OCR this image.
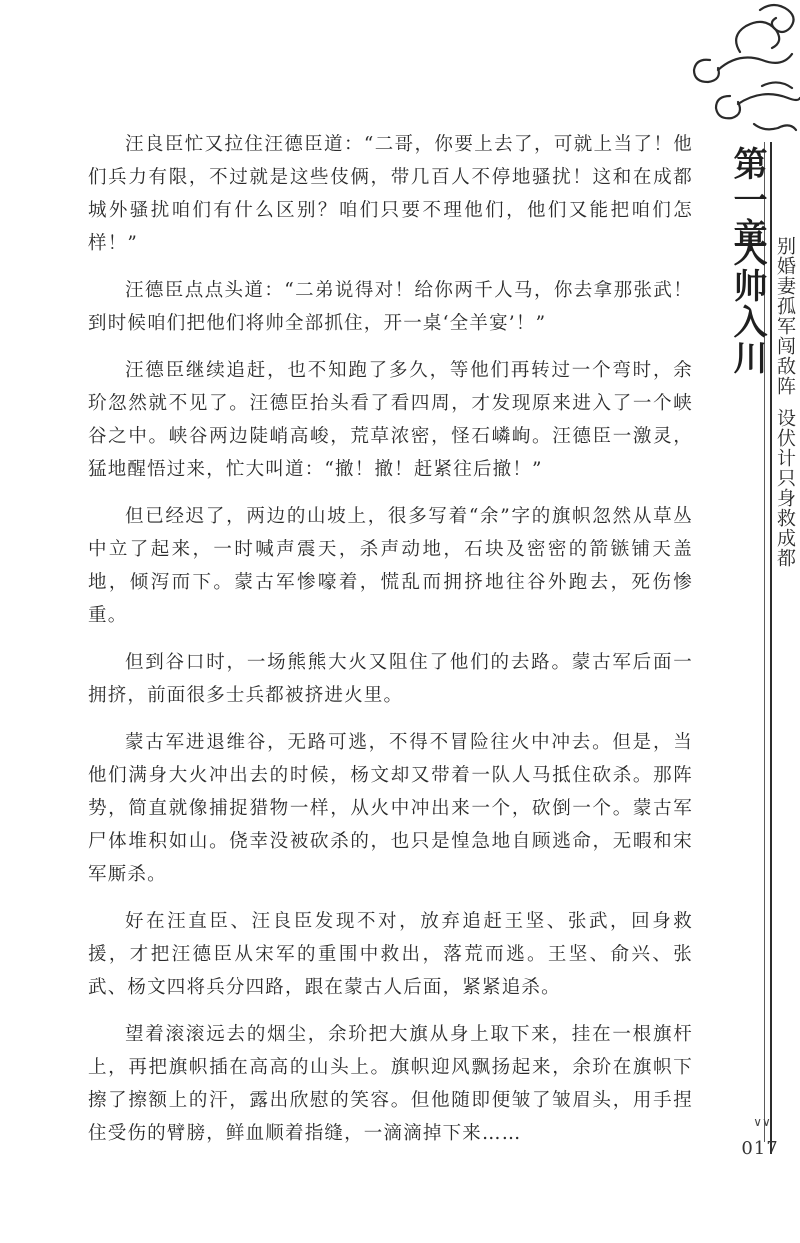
第一章
大帅入川 别婚妻孤军闯敌阵
设伏计只身救成都

汪良臣忙又拉住汪德臣道：“二哥，你要上去了，可就上当了！他们兵力有限，不过就是这些伎俩，带几百人不停地骚扰！这和在成都城外骚扰咱们有什么区别？咱们只要不理他们，他们又能把咱们怎样！”

汪德臣点点头道：“二弟说得对！给你两千人马，你去拿那张武！到时候咱们把他们将帅全部抓住，开一桌‘全羊宴’！”

汪德臣继续追赶，也不知跑了多久，等他们再转过一个弯时，余玠忽然就不见了。汪德臣抬头看了看四周，才发现原来进入了一个峡谷之中。峡谷两边陡峭高峻，荒草浓密，怪石嶙峋。汪德臣一激灵，猛地醒悟过来，忙大叫道：“撤！撤！赶紧往后撤！”

但已经迟了，两边的山坡上，很多写着“余”字的旗帜忽然从草丛中立了起来，一时喊声震天，杀声动地，石块及密密的箭镞铺天盖地，倾泻而下。蒙古军惨嚎着，慌乱而拥挤地往谷外跑去，死伤惨重。

但到谷口时，一场熊熊大火又阻住了他们的去路。蒙古军后面一拥挤，前面很多士兵都被挤进火里。

蒙古军进退维谷，无路可逃，不得不冒险往火中冲去。但是，当他们满身大火冲出去的时候，杨文却又带着一队人马抵住砍杀。那阵势，简直就像捕捉猎物一样，从火中冲出来一个，砍倒一个。蒙古军尸体堆积如山。侥幸没被砍杀的，也只是惶急地自顾逃命，无暇和宋军厮杀。

好在汪直臣、汪良臣发现不对，放弃追赶王坚、张武，回身救援，才把汪德臣从宋军的重围中救出，落荒而逃。王坚、俞兴、张武、杨文四将兵分四路，跟在蒙古人后面，紧紧追杀。

望着滚滚远去的烟尘，余玠把大旗从身上取下来，挂在一根旗杆上，再把旗帜插在高高的山头上。旗帜迎风飘扬起来，余玠在旗帜下擦了擦额上的汗，露出欣慰的笑容。但他随即便皱了皱眉头，用手捏住受伤的臂膀，鲜血顺着指缝，一滴滴掉下来……

∨∨
017
